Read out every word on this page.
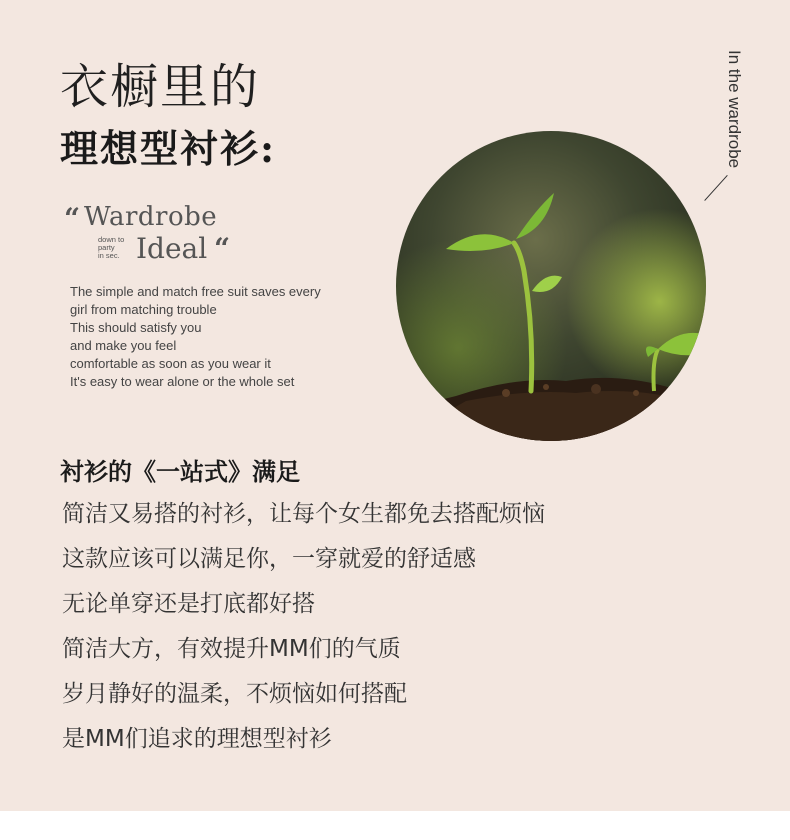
衣橱里的
理想型衬衫:	In the wardrobe
“ Wardrobe
down to
party
in sec. Ideal “
The simple and match free suit saves every
girl from matching trouble
This should satisfy you
and make you feel
comfortable as soon as you wear it
It's easy to wear alone or the whole set
衬衫的《一站式》满足
简洁又易搭的衬衫，让每个女生都免去搭配烦恼
这款应该可以满足你，一穿就爱的舒适感
无论单穿还是打底都好搭
简洁大方，有效提升MM们的气质
岁月静好的温柔，不烦恼如何搭配
是MM们追求的理想型衬衫
